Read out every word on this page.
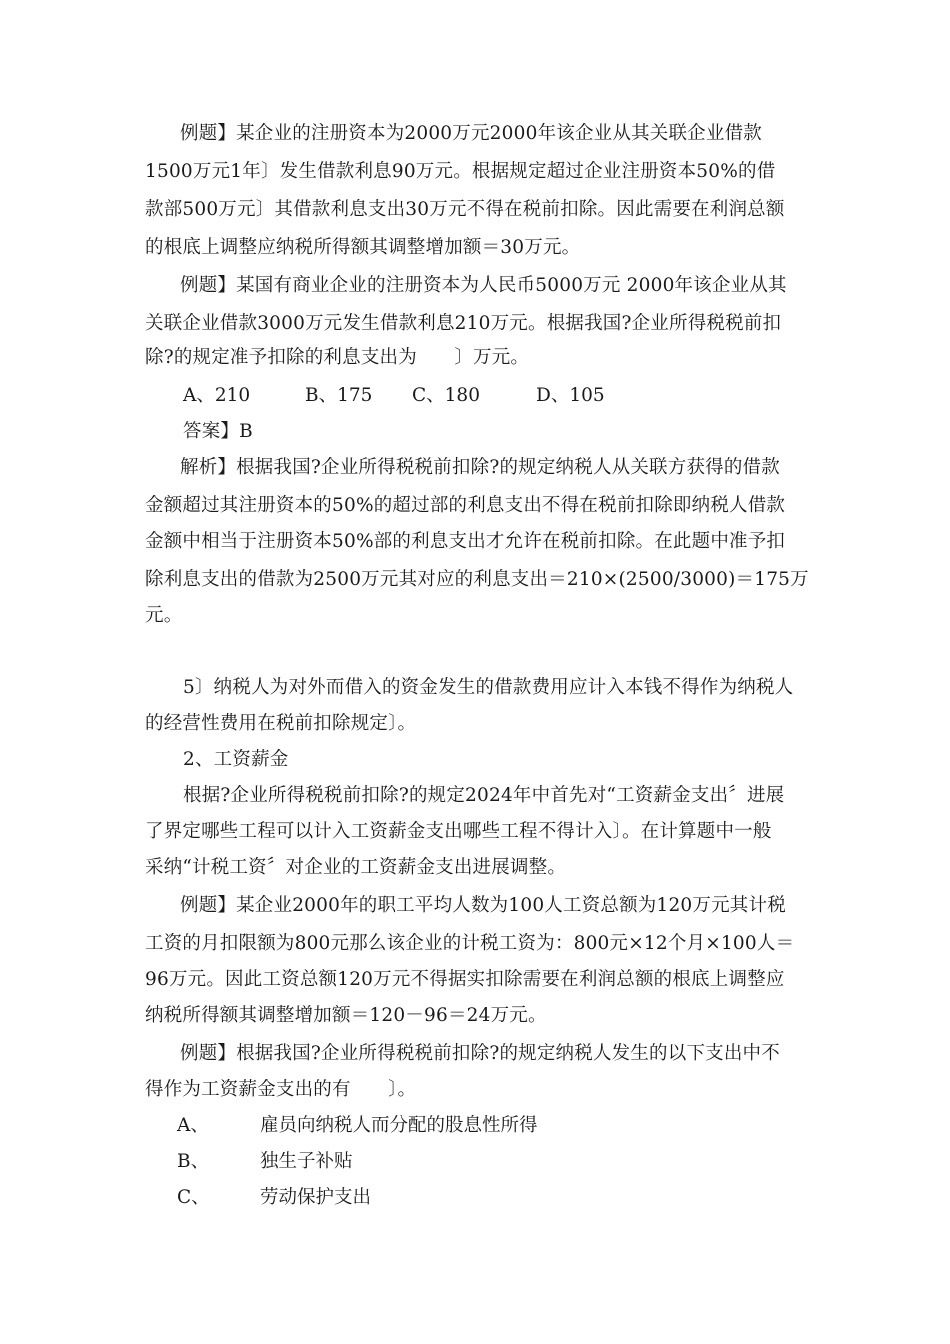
例题】某企业的注册资本为2000万元2000年该企业从其关联企业借款
1500万元1年〕发生借款利息90万元。根据规定超过企业注册资本50%的借
款部500万元〕其借款利息支出30万元不得在税前扣除。因此需要在利润总额
的根底上调整应纳税所得额其调整增加额＝30万元。
例题】某国有商业企业的注册资本为人民币5000万元 2000年该企业从其
关联企业借款3000万元发生借款利息210万元。根据我国?企业所得税税前扣
除?的规定准予扣除的利息支出为　　〕万元。
A、210	B、175 C、180	D、105
答案】B
解析】根据我国?企业所得税税前扣除?的规定纳税人从关联方获得的借款
金额超过其注册资本的50%的超过部的利息支出不得在税前扣除即纳税人借款
金额中相当于注册资本50%部的利息支出才允许在税前扣除。在此题中准予扣
除利息支出的借款为2500万元其对应的利息支出＝210×(2500/3000)＝175万
元。
5〕纳税人为对外而借入的资金发生的借款费用应计入本钱不得作为纳税人
的经营性费用在税前扣除规定〕。
2、工资薪金
根据?企业所得税税前扣除?的规定2024年中首先对“工资薪金支出〞进展
了界定哪些工程可以计入工资薪金支出哪些工程不得计入〕。在计算题中一般
采纳“计税工资〞对企业的工资薪金支出进展调整。
例题】某企业2000年的职工平均人数为100人工资总额为120万元其计税
工资的月扣限额为800元那么该企业的计税工资为：800元×12个月×100人＝
96万元。因此工资总额120万元不得据实扣除需要在利润总额的根底上调整应
纳税所得额其调整增加额＝120－96＝24万元。
例题】根据我国?企业所得税税前扣除?的规定纳税人发生的以下支出中不
得作为工资薪金支出的有　　〕。
A、	雇员向纳税人而分配的股息性所得
B、	独生子补贴
C、	劳动保护支出
